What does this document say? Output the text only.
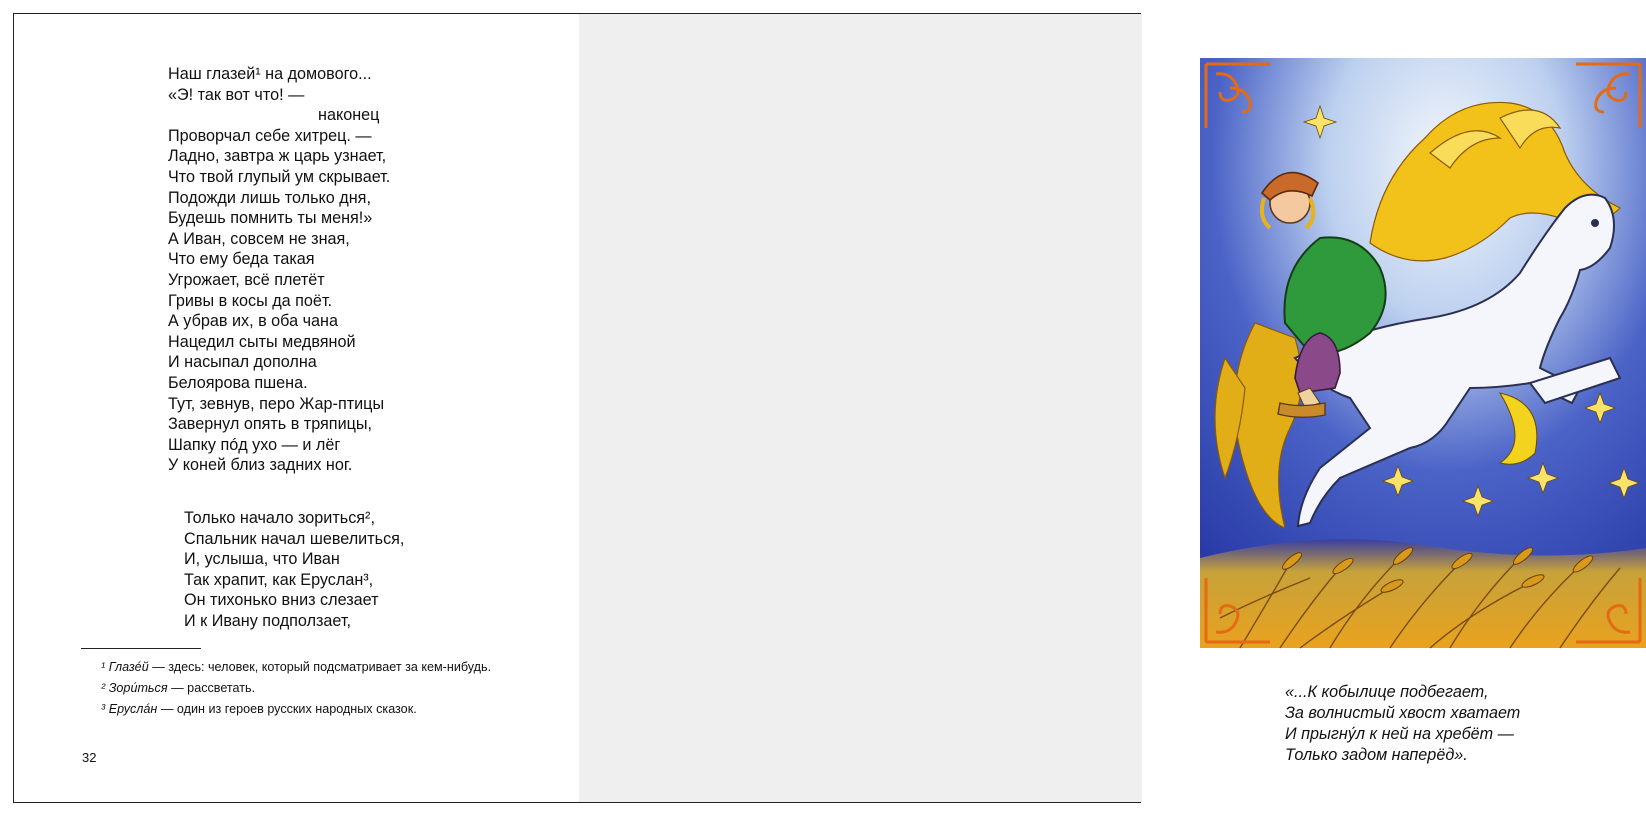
Наш глазей¹ на домового...
«Э! так вот что! —
наконец
Проворчал себе хитрец. —
Ладно, завтра ж царь узнает,
Что твой глупый ум скрывает.
Подожди лишь только дня,
Будешь помнить ты меня!»
А Иван, совсем не зная,
Что ему беда такая
Угрожает, всё плетёт
Гривы в косы да поёт.
А убрав их, в оба чана
Нацедил сыты медвяной
И насыпал дополна
Белоярова пшена.
Тут, зевнув, перо Жар-птицы
Завернул опять в тряпицы,
Шапку пóд ухо — и лёг
У коней близ задних ног.
Только начало зориться²,
Спальник начал шевелиться,
И, услыша, что Иван
Так храпит, как Еруслан³,
Он тихонько вниз слезает
И к Ивану подползает,
¹ Глазéй — здесь: человек, который подсматривает за кем-нибудь.
² Зори́ться — рассветать.
³ Еруслáн — один из героев русских народных сказок.
32
«...К кобылице подбегает,
За волнистый хвост хватает
И прыгну́л к ней на хребёт —
Только задом наперёд».
